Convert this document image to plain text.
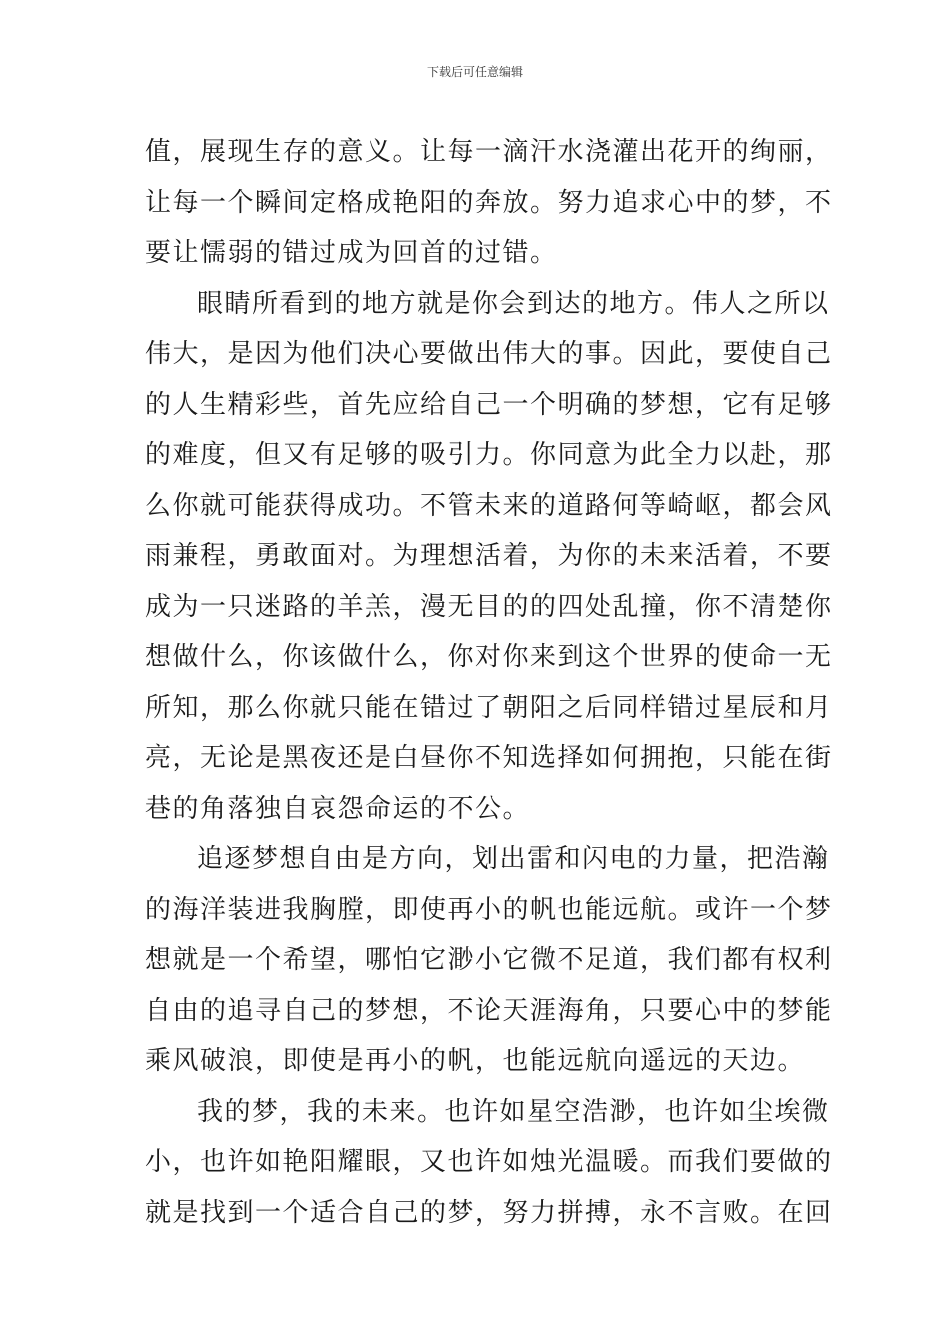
下载后可任意编辑

值，展现生存的意义。让每一滴汗水浇灌出花开的绚丽，
让每一个瞬间定格成艳阳的奔放。努力追求心中的梦，不
要让懦弱的错过成为回首的过错。

眼睛所看到的地方就是你会到达的地方。伟人之所以
伟大，是因为他们决心要做出伟大的事。因此，要使自己
的人生精彩些，首先应给自己一个明确的梦想，它有足够
的难度，但又有足够的吸引力。你同意为此全力以赴，那
么你就可能获得成功。不管未来的道路何等崎岖，都会风
雨兼程，勇敢面对。为理想活着，为你的未来活着，不要
成为一只迷路的羊羔，漫无目的的四处乱撞，你不清楚你
想做什么，你该做什么，你对你来到这个世界的使命一无
所知，那么你就只能在错过了朝阳之后同样错过星辰和月
亮，无论是黑夜还是白昼你不知选择如何拥抱，只能在街
巷的角落独自哀怨命运的不公。

追逐梦想自由是方向，划出雷和闪电的力量，把浩瀚
的海洋装进我胸膛，即使再小的帆也能远航。或许一个梦
想就是一个希望，哪怕它渺小它微不足道，我们都有权利
自由的追寻自己的梦想，不论天涯海角，只要心中的梦能
乘风破浪，即使是再小的帆，也能远航向遥远的天边。

我的梦，我的未来。也许如星空浩渺，也许如尘埃微
小，也许如艳阳耀眼，又也许如烛光温暖。而我们要做的
就是找到一个适合自己的梦，努力拼搏，永不言败。在回
